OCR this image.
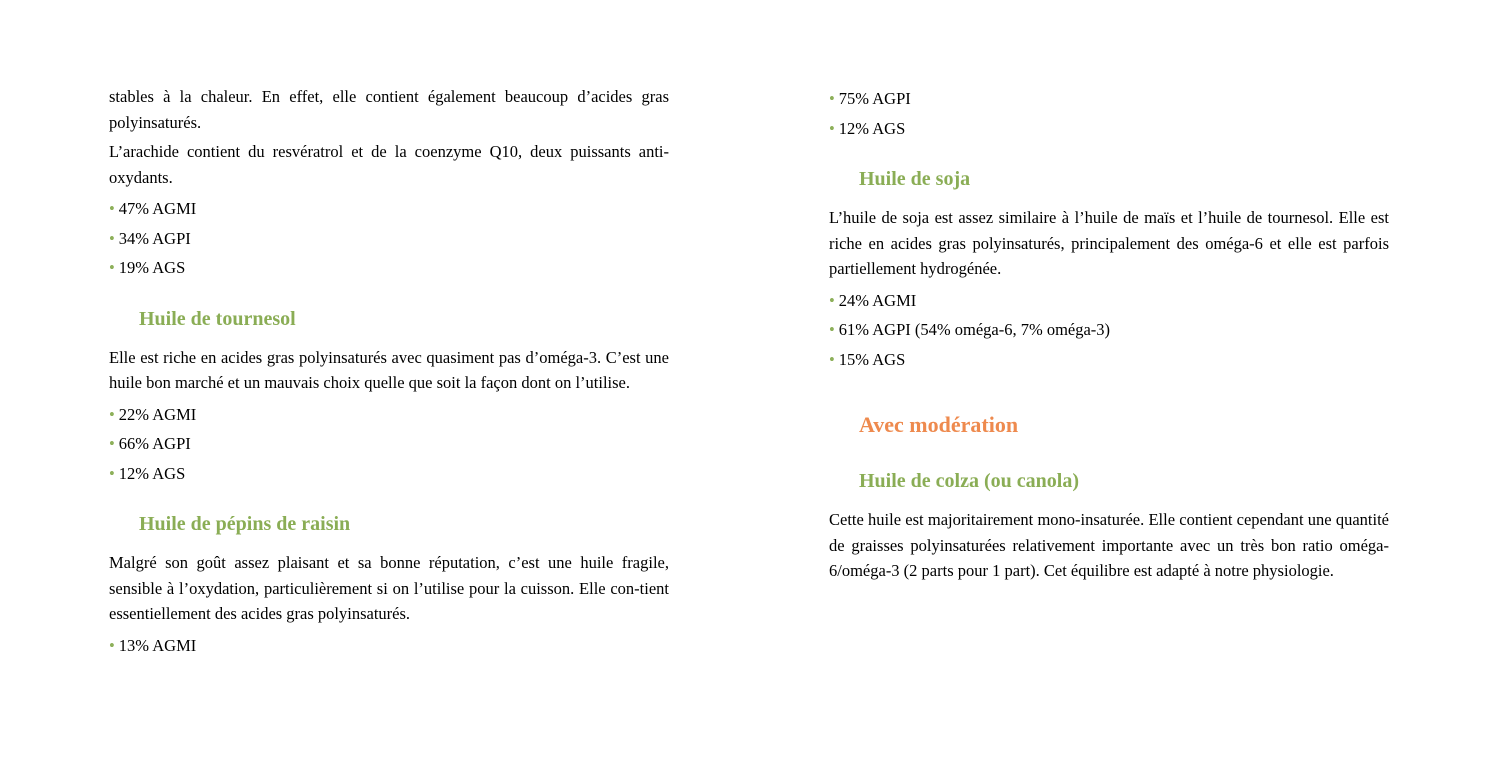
stables à la chaleur. En effet, elle contient également beaucoup d’acides gras polyinsaturés.

L’arachide contient du resvératrol et de la coenzyme Q10, deux puissants anti-oxydants.

• 47% AGMI
• 34% AGPI
• 19% AGS
Huile de tournesol

Elle est riche en acides gras polyinsaturés avec quasiment pas d’oméga-3. C’est une huile bon marché et un mauvais choix quelle que soit la façon dont on l’utilise.

• 22% AGMI
• 66% AGPI
• 12% AGS
Huile de pépins de raisin

Malgré son goût assez plaisant et sa bonne réputation, c’est une huile fragile, sensible à l’oxydation, particulièrement si on l’utilise pour la cuisson. Elle con-tient essentiellement des acides gras polyinsaturés.

• 13% AGMI
• 75% AGPI
• 12% AGS
Huile de soja

L’huile de soja est assez similaire à l’huile de maïs et l’huile de tournesol. Elle est riche en acides gras polyinsaturés, principalement des oméga-6 et elle est parfois partiellement hydrogénée.

• 24% AGMI
• 61% AGPI (54% oméga-6, 7% oméga-3)
• 15% AGS
Avec modération
Huile de colza (ou canola)

Cette huile est majoritairement mono-insaturée. Elle contient cependant une quantité de graisses polyinsaturées relativement importante avec un très bon ratio oméga-6/oméga-3 (2 parts pour 1 part). Cet équilibre est adapté à notre physiologie.
